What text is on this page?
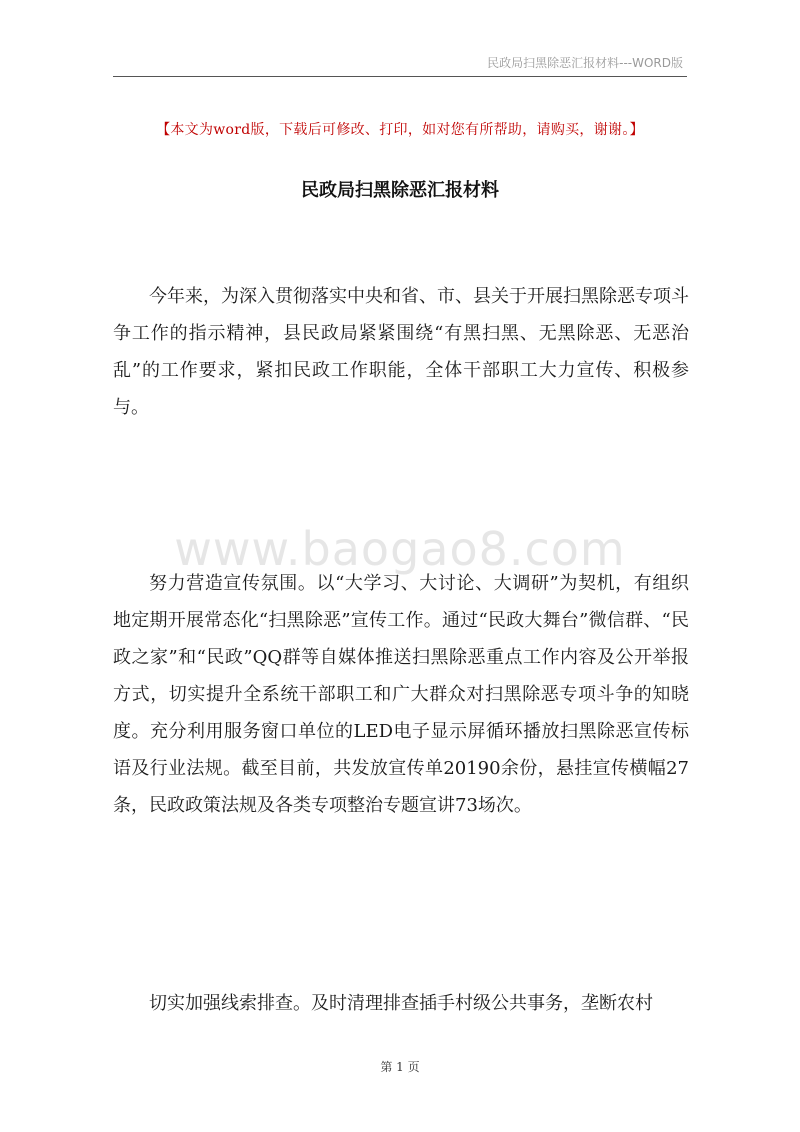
民政局扫黑除恶汇报材料---WORD版
【本文为word版，下载后可修改、打印，如对您有所帮助，请购买，谢谢。】
民政局扫黑除恶汇报材料

今年来，为深入贯彻落实中央和省、市、县关于开展扫黑除恶专项斗争工作的指示精神，县民政局紧紧围绕“有黑扫黑、无黑除恶、无恶治乱”的工作要求，紧扣民政工作职能，全体干部职工大力宣传、积极参与。

www.baogao8.com

努力营造宣传氛围。以“大学习、大讨论、大调研”为契机，有组织地定期开展常态化“扫黑除恶”宣传工作。通过“民政大舞台”微信群、“民政之家”和“民政”QQ群等自媒体推送扫黑除恶重点工作内容及公开举报方式，切实提升全系统干部职工和广大群众对扫黑除恶专项斗争的知晓度。充分利用服务窗口单位的LED电子显示屏循环播放扫黑除恶宣传标语及行业法规。截至目前，共发放宣传单20190余份，悬挂宣传横幅27条，民政政策法规及各类专项整治专题宣讲73场次。

切实加强线索排查。及时清理排查插手村级公共事务，垄断农村

第 1 页
